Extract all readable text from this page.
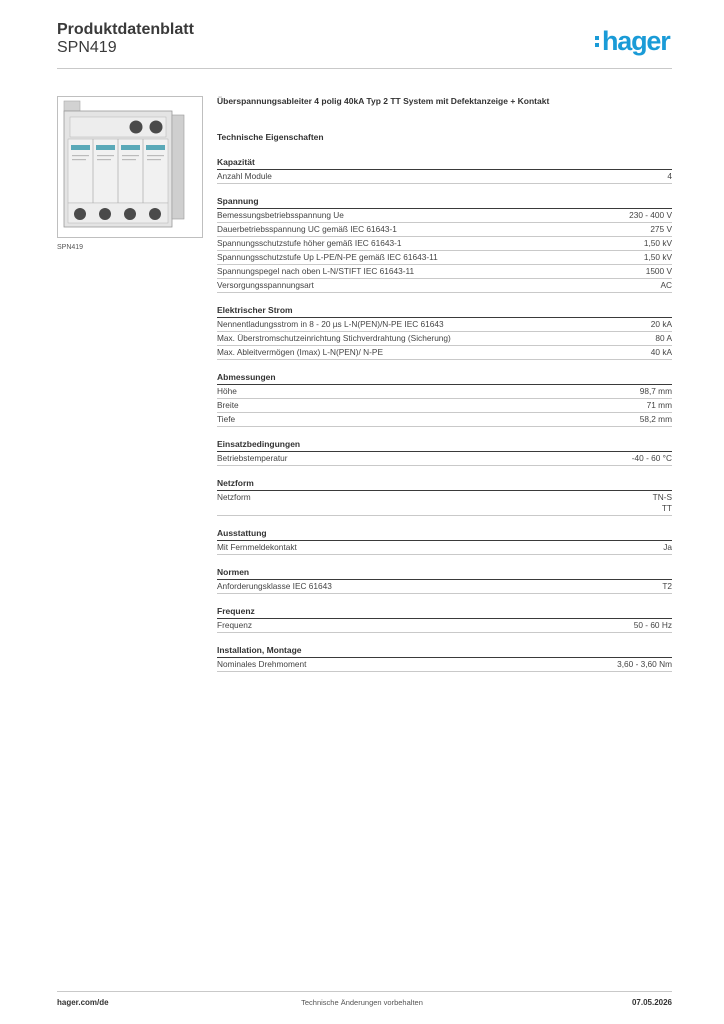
Produktdatenblatt
SPN419	hager
SPN419
Überspannungsableiter 4 polig 40kA Typ 2 TT System mit Defektanzeige + Kontakt
Technische Eigenschaften
Kapazität
Anzahl Module	4
Spannung
Bemessungsbetriebsspannung Ue	230 - 400 V
Dauerbetriebsspannung UC gemäß IEC 61643-1	275 V
Spannungsschutzstufe höher gemäß IEC 61643-1	1,50 kV
Spannungsschutzstufe Up L-PE/N-PE gemäß IEC 61643-11	1,50 kV
Spannungspegel nach oben L-N/STIFT IEC 61643-11	1500 V
Versorgungsspannungsart	AC
Elektrischer Strom
Nennentladungsstrom in 8 - 20 µs L-N(PEN)/N-PE IEC 61643	20 kA
Max. Überstromschutzeinrichtung Stichverdrahtung (Sicherung)	80 A
Max. Ableitvermögen (Imax) L-N(PEN)/ N-PE	40 kA
Abmessungen
Höhe	98,7 mm
Breite	71 mm
Tiefe	58,2 mm
Einsatzbedingungen
Betriebstemperatur	-40 - 60 °C
Netzform
Netzform	TN-S
TT
Ausstattung
Mit Fernmeldekontakt	Ja
Normen
Anforderungsklasse IEC 61643	T2
Frequenz
Frequenz	50 - 60 Hz
Installation, Montage
Nominales Drehmoment	3,60 - 3,60 Nm
hager.com/de	Technische Änderungen vorbehalten	07.05.2026
